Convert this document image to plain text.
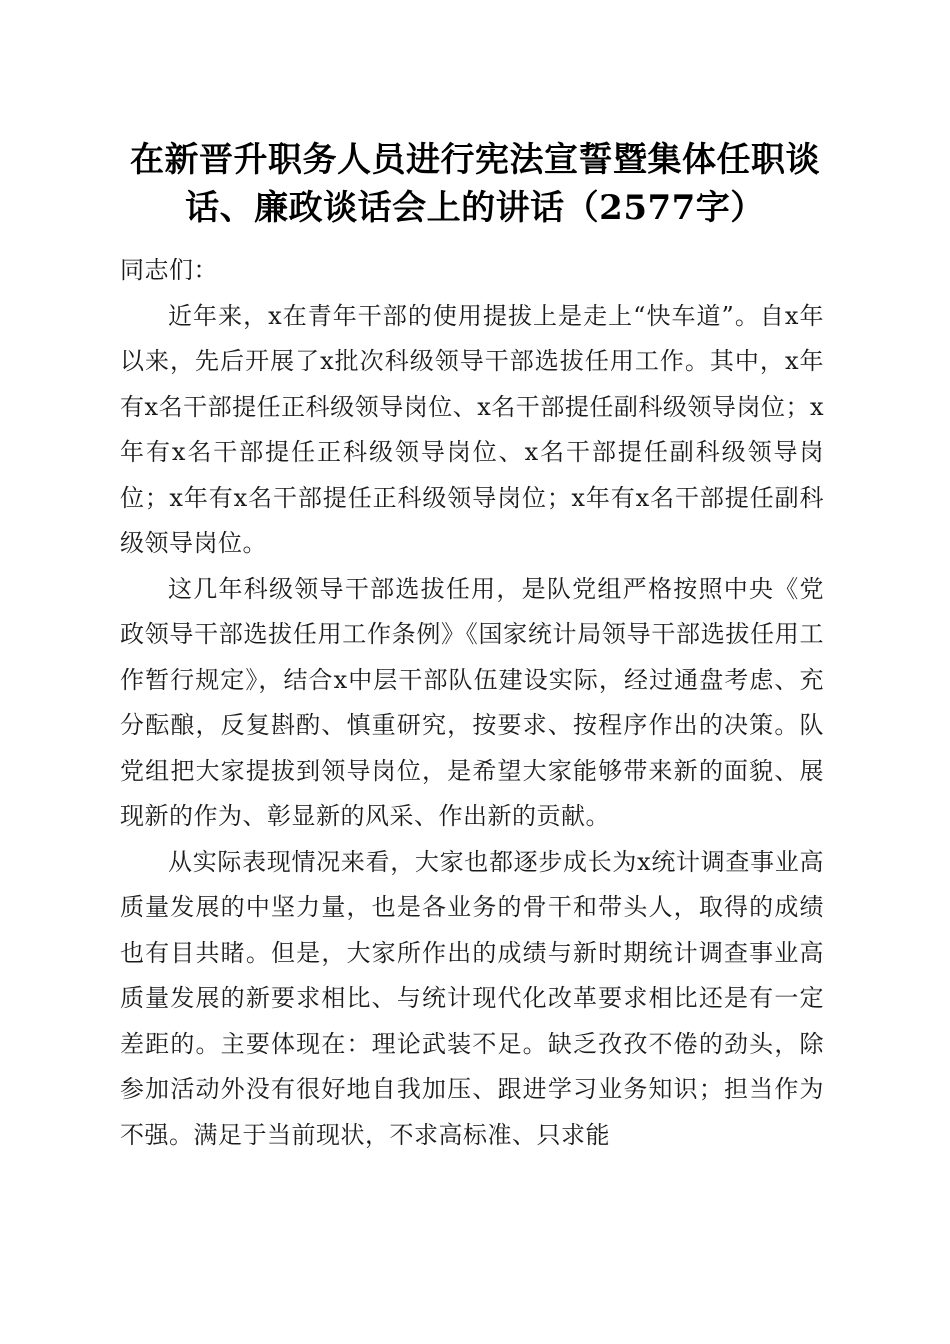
在新晋升职务人员进行宪法宣誓暨集体任职谈
话、廉政谈话会上的讲话（2577字）

同志们：

近年来，x在青年干部的使用提拔上是走上“快车道”。自x年以来，先后开展了x批次科级领导干部选拔任用工作。其中，x年有x名干部提任正科级领导岗位、x名干部提任副科级领导岗位；x年有x名干部提任正科级领导岗位、x名干部提任副科级领导岗位；x年有x名干部提任正科级领导岗位；x年有x名干部提任副科级领导岗位。

这几年科级领导干部选拔任用，是队党组严格按照中央《党政领导干部选拔任用工作条例》《国家统计局领导干部选拔任用工作暂行规定》，结合x中层干部队伍建设实际，经过通盘考虑、充分酝酿，反复斟酌、慎重研究，按要求、按程序作出的决策。队党组把大家提拔到领导岗位，是希望大家能够带来新的面貌、展现新的作为、彰显新的风采、作出新的贡献。

从实际表现情况来看，大家也都逐步成长为x统计调查事业高质量发展的中坚力量，也是各业务的骨干和带头人，取得的成绩也有目共睹。但是，大家所作出的成绩与新时期统计调查事业高质量发展的新要求相比、与统计现代化改革要求相比还是有一定差距的。主要体现在：理论武装不足。缺乏孜孜不倦的劲头，除参加活动外没有很好地自我加压、跟进学习业务知识；担当作为不强。满足于当前现状，不求高标准、只求能
